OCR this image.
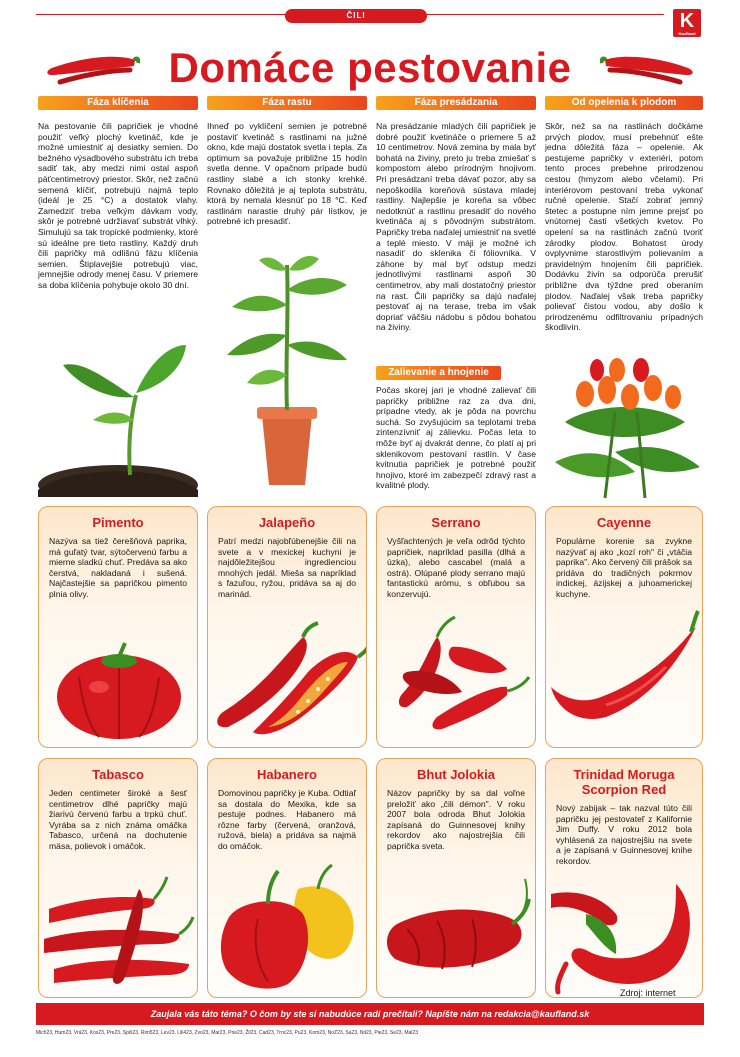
ČILI	K
Kaufland
Domáce pestovanie
Fáza klíčenia	Fáza rastu	Fáza presádzania	Od opelenia k plodom
Na pestovanie čili papričiek je vhodné použiť veľký plochý kvetináč, kde je možné umiestniť aj desiatky semien. Do bežného výsadbového substrátu ich treba sadiť tak, aby medzi nimi ostal aspoň päťcentimetrový priestor. Skôr, než začnú semená klíčiť, potrebujú najmä teplo (ideál je 25 °C) a dostatok vlahy. Zamedziť treba veľkým dávkam vody, skôr je potrebné udržiavať substrát vlhký. Simulujú sa tak tropické podmienky, ktoré sú ideálne pre tieto rastliny. Každý druh čili papričky má odlišnú fázu klíčenia semien. Štiplavejšie potrebujú viac, jemnejšie odrody menej času. V priemere sa doba klíčenia pohybuje okolo 30 dní.
Ihneď po vyklíčení semien je potrebné postaviť kvetináč s rastlinami na južné okno, kde majú dostatok svetla i tepla. Za optimum sa považuje približne 15 hodín svetla denne. V opačnom prípade budú rastliny slabé a ich stonky krehké. Rovnako dôležitá je aj teplota substrátu, ktorá by nemala klesnúť po 18 °C. Keď rastlinám narastie druhý pár lístkov, je potrebné ich presadiť.
Na presádzanie mladých čili papričiek je dobré použiť kvetináče o priemere 5 až 10 centimetrov. Nová zemina by mala byť bohatá na živiny, preto ju treba zmiešať s kompostom alebo prírodným hnojivom. Pri presádzaní treba dávať pozor, aby sa nepoškodila koreňová sústava mladej rastliny. Najlepšie je koreňa sa vôbec nedotknúť a rastlinu presadiť do nového kvetináča aj s pôvodným substrátom. Papričky treba naďalej umiestniť na svetlé a teplé miesto. V máji je možné ich nasadiť do sklenika či fóliovníka. V záhone by mal byť odstup medzi jednotlivými rastlinami aspoň 30 centimetrov, aby mali dostatočný priestor na rast. Čili papričky sa dajú naďalej pestovať aj na terase, treba im však dopriať väčšiu nádobu s pôdou bohatou na živiny.
Skôr, než sa na rastlinách dočkáme prvých plodov, musí prebehnúť ešte jedna dôležitá fáza – opelenie. Ak pestujeme papričky v exteriéri, potom tento proces prebehne prirodzenou cestou (hmyzom alebo včelami). Pri interiérovom pestovaní treba vykonať ručné opelenie. Stačí zobrať jemný štetec a postupne ním jemne prejsť po vnútornej časti všetkých kvetov. Po opelení sa na rastlinách začnú tvoriť zárodky plodov. Bohatost úrody ovplyvnime starostlivým polievaním a pravidelným hnojením čili papričiek. Dodávku živín sa odporúča prerušiť približne dva týždne pred oberaním plodov. Naďalej však treba papričky polievať čistou vodou, aby došlo k prirodzenému odfiltrovaniu prípadných škodlivín.
Zalievanie a hnojenie
Počas skorej jari je vhodné zalievať čili papričky približne raz za dva dni, prípadne vtedy, ak je pôda na povrchu suchá. So zvyšujúcim sa teplotami treba zintenzívniť aj zálievku. Počas leta to môže byť aj dvakrát denne, čo platí aj pri sklenikovom pestovaní rastlín. V čase kvitnutia papričiek je potrebné použiť hnojivo, ktoré im zabezpečí zdravý rast a kvalitné plody.
Pimento

Nazýva sa tiež čerešňová paprika, má guľatý tvar, sýtočervenú farbu a mierne sladkú chuť. Predáva sa ako čerstvá, nakladaná i sušená. Najčastejšie sa papričkou pimento plnia olivy.

Jalapeño

Patrí medzi najobľúbenejšie čili na svete a v mexickej kuchyni je najdôležitejšou ingredienciou mnohých jedál. Mieša sa napríklad s fazuľou, ryžou, pridáva sa aj do marinád.

Serrano

Vyšľachtených je veľa odrôd týchto papričiek, napríklad pasilla (dlhá a úzka), alebo cascabel (malá a ostrá). Olúpané plody serrano majú fantastickú arómu, s obľubou sa konzervujú.

Cayenne

Populárne korenie sa zvykne nazývať aj ako „kozí roh" či „vtáčia paprika". Ako červený čili prášok sa pridáva do tradičných pokrmov indickej, ázijskej a juhoamerickej kuchyne.

Tabasco

Jeden centimeter široké a šesť centimetrov dlhé papričky majú žiarivú červenú farbu a trpkú chuť. Vyrába sa z nich známa omáčka Tabasco, určená na dochutenie mäsa, polievok i omáčok.

Habanero

Domovinou papričky je Kuba. Odtiaľ sa dostala do Mexika, kde sa pestuje podnes. Habanero má rôzne farby (červená, oranžová, ružová, biela) a pridáva sa najmä do omáčok.

Bhut Jolokia

Názov papričky by sa dal voľne preložiť ako „čili démon". V roku 2007 bola odroda Bhut Jolokia zapísaná do Guinnesovej knihy rekordov ako najostrejšia čili paprička sveta.

Trinidad Moruga Scorpion Red

Nový zabijak – tak nazval túto čili papričku jej pestovateľ z Kalifornie Jim Duffy. V roku 2012 bola vyhlásená za najostrejšiu na svete a je zapísaná v Guinnesovej knihe rekordov.

Zdroj: internet
Zaujala vás táto téma? O čom by ste si nabudúce radi prečítali? Napíšte nám na redakcia@kaufland.sk
Mich23, Hum23, Vrá23, Kos23, Pre23, Spiš23, Rim523, Lev23, Lili423, Zvo23, Mar23, Prie23, Žil23, Cad23, Trnc23, Pu23, Kom23, NoZ23, Sa23, Nit23, Pie23, Se23, Mal23
